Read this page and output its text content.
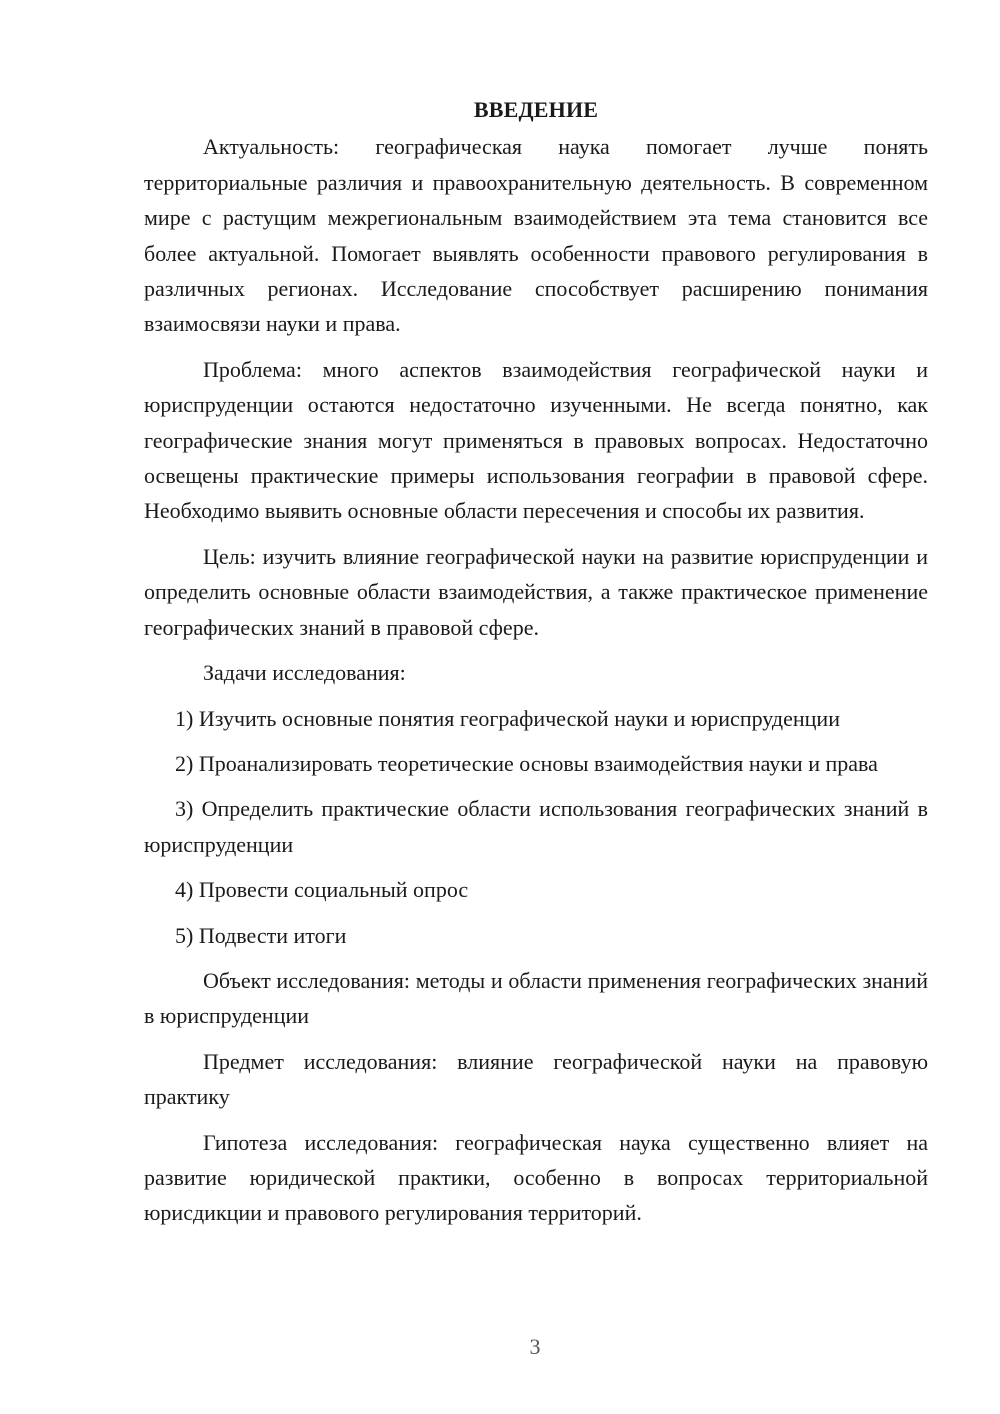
ВВЕДЕНИЕ

Актуальность: географическая наука помогает лучше понять территориальные различия и правоохранительную деятельность. В современном мире с растущим межрегиональным взаимодействием эта тема становится все более актуальной. Помогает выявлять особенности правового регулирования в различных регионах. Исследование способствует расширению понимания взаимосвязи науки и права.

Проблема: много аспектов взаимодействия географической науки и юриспруденции остаются недостаточно изученными. Не всегда понятно, как географические знания могут применяться в правовых вопросах. Недостаточно освещены практические примеры использования географии в правовой сфере. Необходимо выявить основные области пересечения и способы их развития.

Цель: изучить влияние географической науки на развитие юриспруденции и определить основные области взаимодействия, а также практическое применение географических знаний в правовой сфере.

Задачи исследования:

1) Изучить основные понятия географической науки и юриспруденции

2) Проанализировать теоретические основы взаимодействия науки и права

3) Определить практические области использования географических знаний в юриспруденции

4) Провести социальный опрос

5) Подвести итоги

Объект исследования: методы и области применения географических знаний в юриспруденции

Предмет исследования: влияние географической науки на правовую практику

Гипотеза исследования: географическая наука существенно влияет на развитие юридической практики, особенно в вопросах территориальной юрисдикции и правового регулирования территорий.

3
